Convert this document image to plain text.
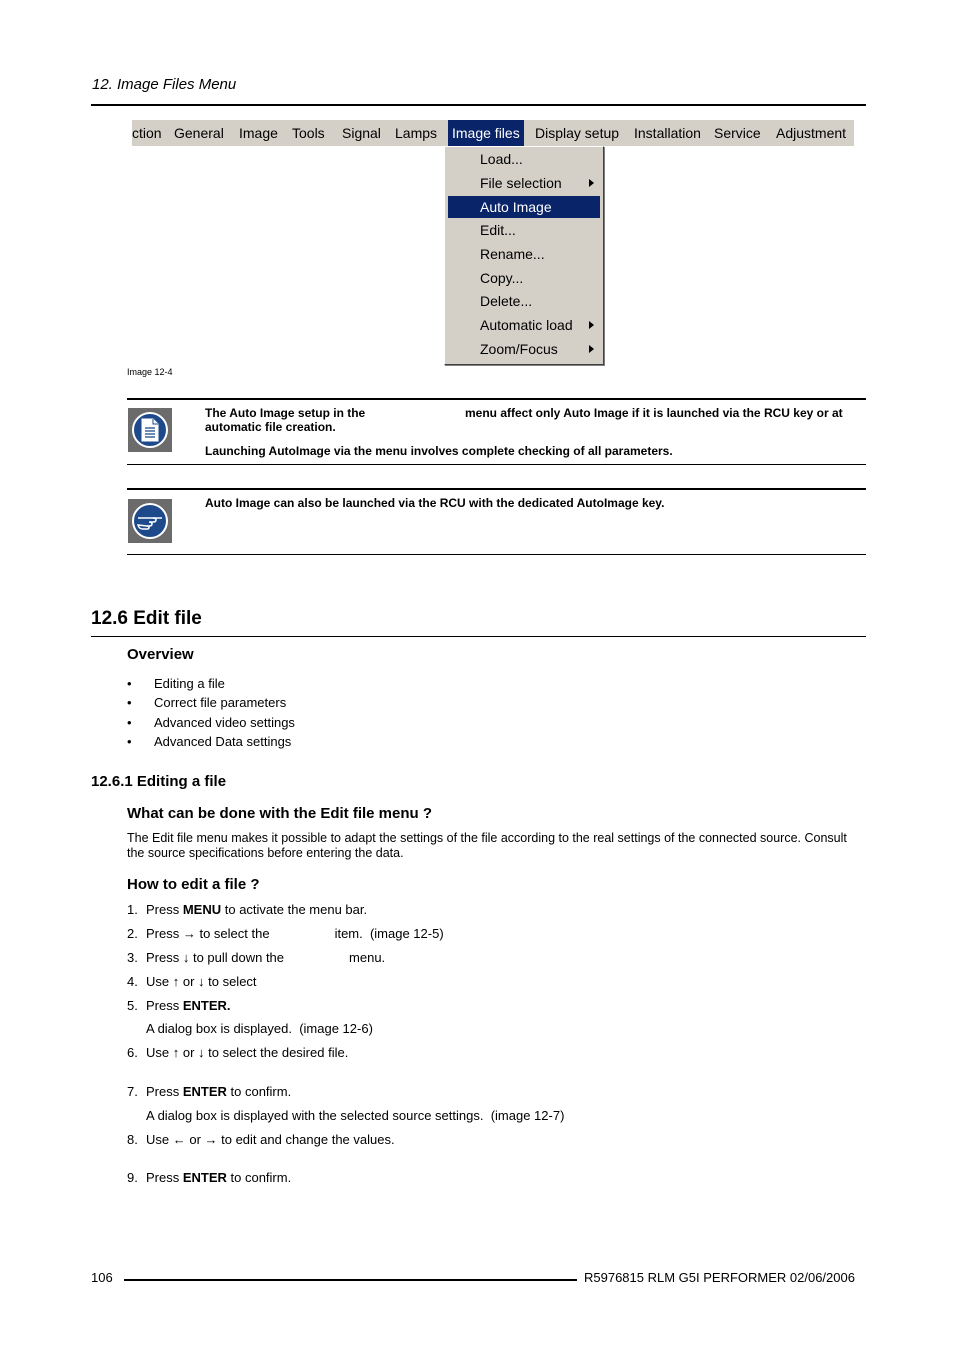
12. Image Files Menu
ction General Image Tools Signal Lamps Image files Display setup Installation Service Adjustment
Load...
File selection
Auto Image
Edit...
Rename...
Copy...
Delete...
Automatic load
Zoom/Focus
Image 12-4
The Auto Image setup in the	menu affect only Auto Image if it is launched via the RCU key or at
automatic file creation.
Launching AutoImage via the menu involves complete checking of all parameters.
Auto Image can also be launched via the RCU with the dedicated AutoImage key.
12.6 Edit file
Overview
• Editing a file
• Correct file parameters
• Advanced video settings
• Advanced Data settings
12.6.1 Editing a file
What can be done with the Edit file menu ?
The Edit file menu makes it possible to adapt the settings of the file according to the real settings of the connected source. Consult
the source specifications before entering the data.
How to edit a file ?
1. Press MENU to activate the menu bar.
2. Press → to select the                  item.  (image 12-5)
3. Press ↓ to pull down the                  menu.
4. Use ↑ or ↓ to select
5. Press ENTER.
A dialog box is displayed.  (image 12-6)
6. Use ↑ or ↓ to select the desired file.
7. Press ENTER to confirm.
A dialog box is displayed with the selected source settings.  (image 12-7)
8. Use ← or → to edit and change the values.
9. Press ENTER to confirm.
106	R5976815 RLM G5I PERFORMER 02/06/2006
